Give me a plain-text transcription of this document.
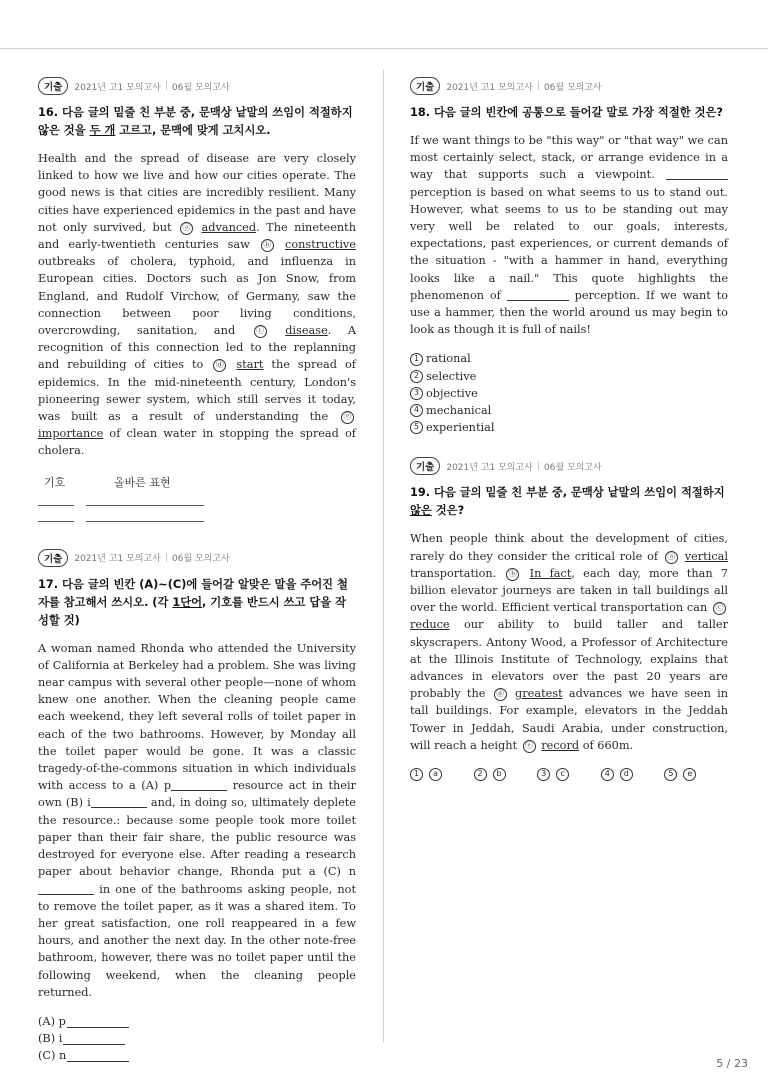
기출	2021년 고1 모의고사 | 06월 모의고사
16. 다음 글의 밑줄 친 부분 중, 문맥상 낱말의 쓰임이 적절하지 않은 것을 두 개 고르고, 문맥에 맞게 고치시오.

Health and the spread of disease are very closely linked to how we live and how our cities operate. The good news is that cities are incredibly resilient. Many cities have experienced epidemics in the past and have not only survived, but ⓐ advanced. The nineteenth and early-twentieth centuries saw ⓑ constructive outbreaks of cholera, typhoid, and influenza in European cities. Doctors such as Jon Snow, from England, and Rudolf Virchow, of Germany, saw the connection between poor living conditions, overcrowding, sanitation, and ⓒ disease. A recognition of this connection led to the replanning and rebuilding of cities to ⓓ start the spread of epidemics. In the mid-nineteenth century, London's pioneering sewer system, which still serves it today, was built as a result of understanding the ⓔ importance of clean water in stopping the spread of cholera.

기호	올바른 표현
기출	2021년 고1 모의고사 | 06월 모의고사
17. 다음 글의 빈칸 (A)~(C)에 들어갈 알맞은 말을 주어진 철자를 참고해서 쓰시오. (각 1단어, 기호를 반드시 쓰고 답을 작성할 것)

A woman named Rhonda who attended the University of California at Berkeley had a problem. She was living near campus with several other people—none of whom knew one another. When the cleaning people came each weekend, they left several rolls of toilet paper in each of the two bathrooms. However, by Monday all the toilet paper would be gone. It was a classic tragedy-of-the-commons situation in which individuals with access to a (A) p	resource act in their own (B) i	and, in doing so, ultimately deplete the resource.: because some people took more toilet paper than their fair share, the public resource was destroyed for everyone else. After reading a research paper about behavior change, Rhonda put a (C) n in one of the bathrooms asking people, not to remove the toilet paper, as it was a shared item. To her great satisfaction, one roll reappeared in a few hours, and another the next day. In the other note-free bathroom, however, there was no toilet paper until the following weekend, when the cleaning people returned.

(A) p
(B) i
(C) n
기출	2021년 고1 모의고사 | 06월 모의고사
18. 다음 글의 빈칸에 공통으로 들어갈 말로 가장 적절한 것은?

If we want things to be "this way" or "that way" we can most certainly select, stack, or arrange evidence in a way that supports such a viewpoint.  perception is based on what seems to us to stand out. However, what seems to us to be standing out may very well be related to our goals, interests, expectations, past experiences, or current demands of the situation - "with a hammer in hand, everything looks like a nail." This quote highlights the phenomenon of	perception. If we want to use a hammer, then the world around us may begin to look as though it is full of nails!

1 rational
2 selective
3 objective
4 mechanical
5 experiential
기출	2021년 고1 모의고사 | 06월 모의고사
19. 다음 글의 밑줄 친 부분 중, 문맥상 낱말의 쓰임이 적절하지 않은 것은?

When people think about the development of cities, rarely do they consider the critical role of ⓐ vertical transportation. ⓑ In fact, each day, more than 7 billion elevator journeys are taken in tall buildings all over the world. Efficient vertical transportation can ⓒ reduce our ability to build taller and taller skyscrapers. Antony Wood, a Professor of Architecture at the Illinois Institute of Technology, explains that advances in elevators over the past 20 years are probably the ⓓ greatest advances we have seen in tall buildings. For example, elevators in the Jeddah Tower in Jeddah, Saudi Arabia, under construction, will reach a height ⓔ record of 660m.

1	a	2	b	3	c	4	d	5	e
5 / 23
